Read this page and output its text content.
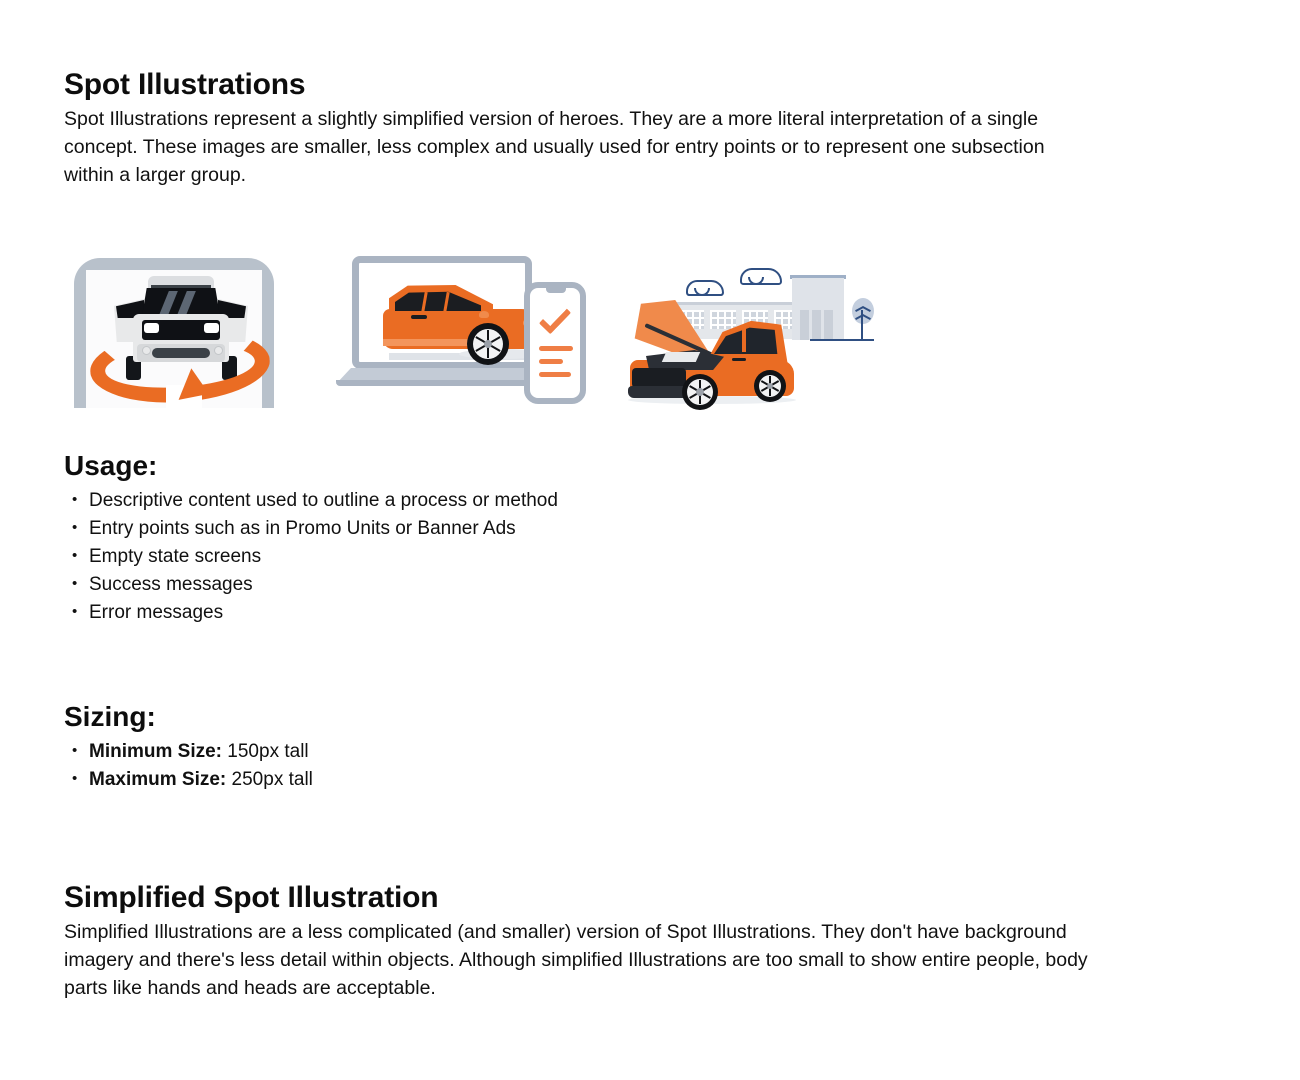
Spot Illustrations
Spot Illustrations represent a slightly simplified version of heroes. They are a more literal interpretation of a single concept. These images are smaller, less complex and usually used for entry points or to represent one subsection within a larger group.
Usage:
• Descriptive content used to outline a process or method
• Entry points such as in Promo Units or Banner Ads
• Empty state screens
• Success messages
• Error messages
Sizing:
• Minimum Size: 150px tall
• Maximum Size: 250px tall
Simplified Spot Illustration
Simplified Illustrations are a less complicated (and smaller) version of Spot Illustrations. They don't have background imagery and there's less detail within objects. Although simplified Illustrations are too small to show entire people, body parts like hands and heads are acceptable.
